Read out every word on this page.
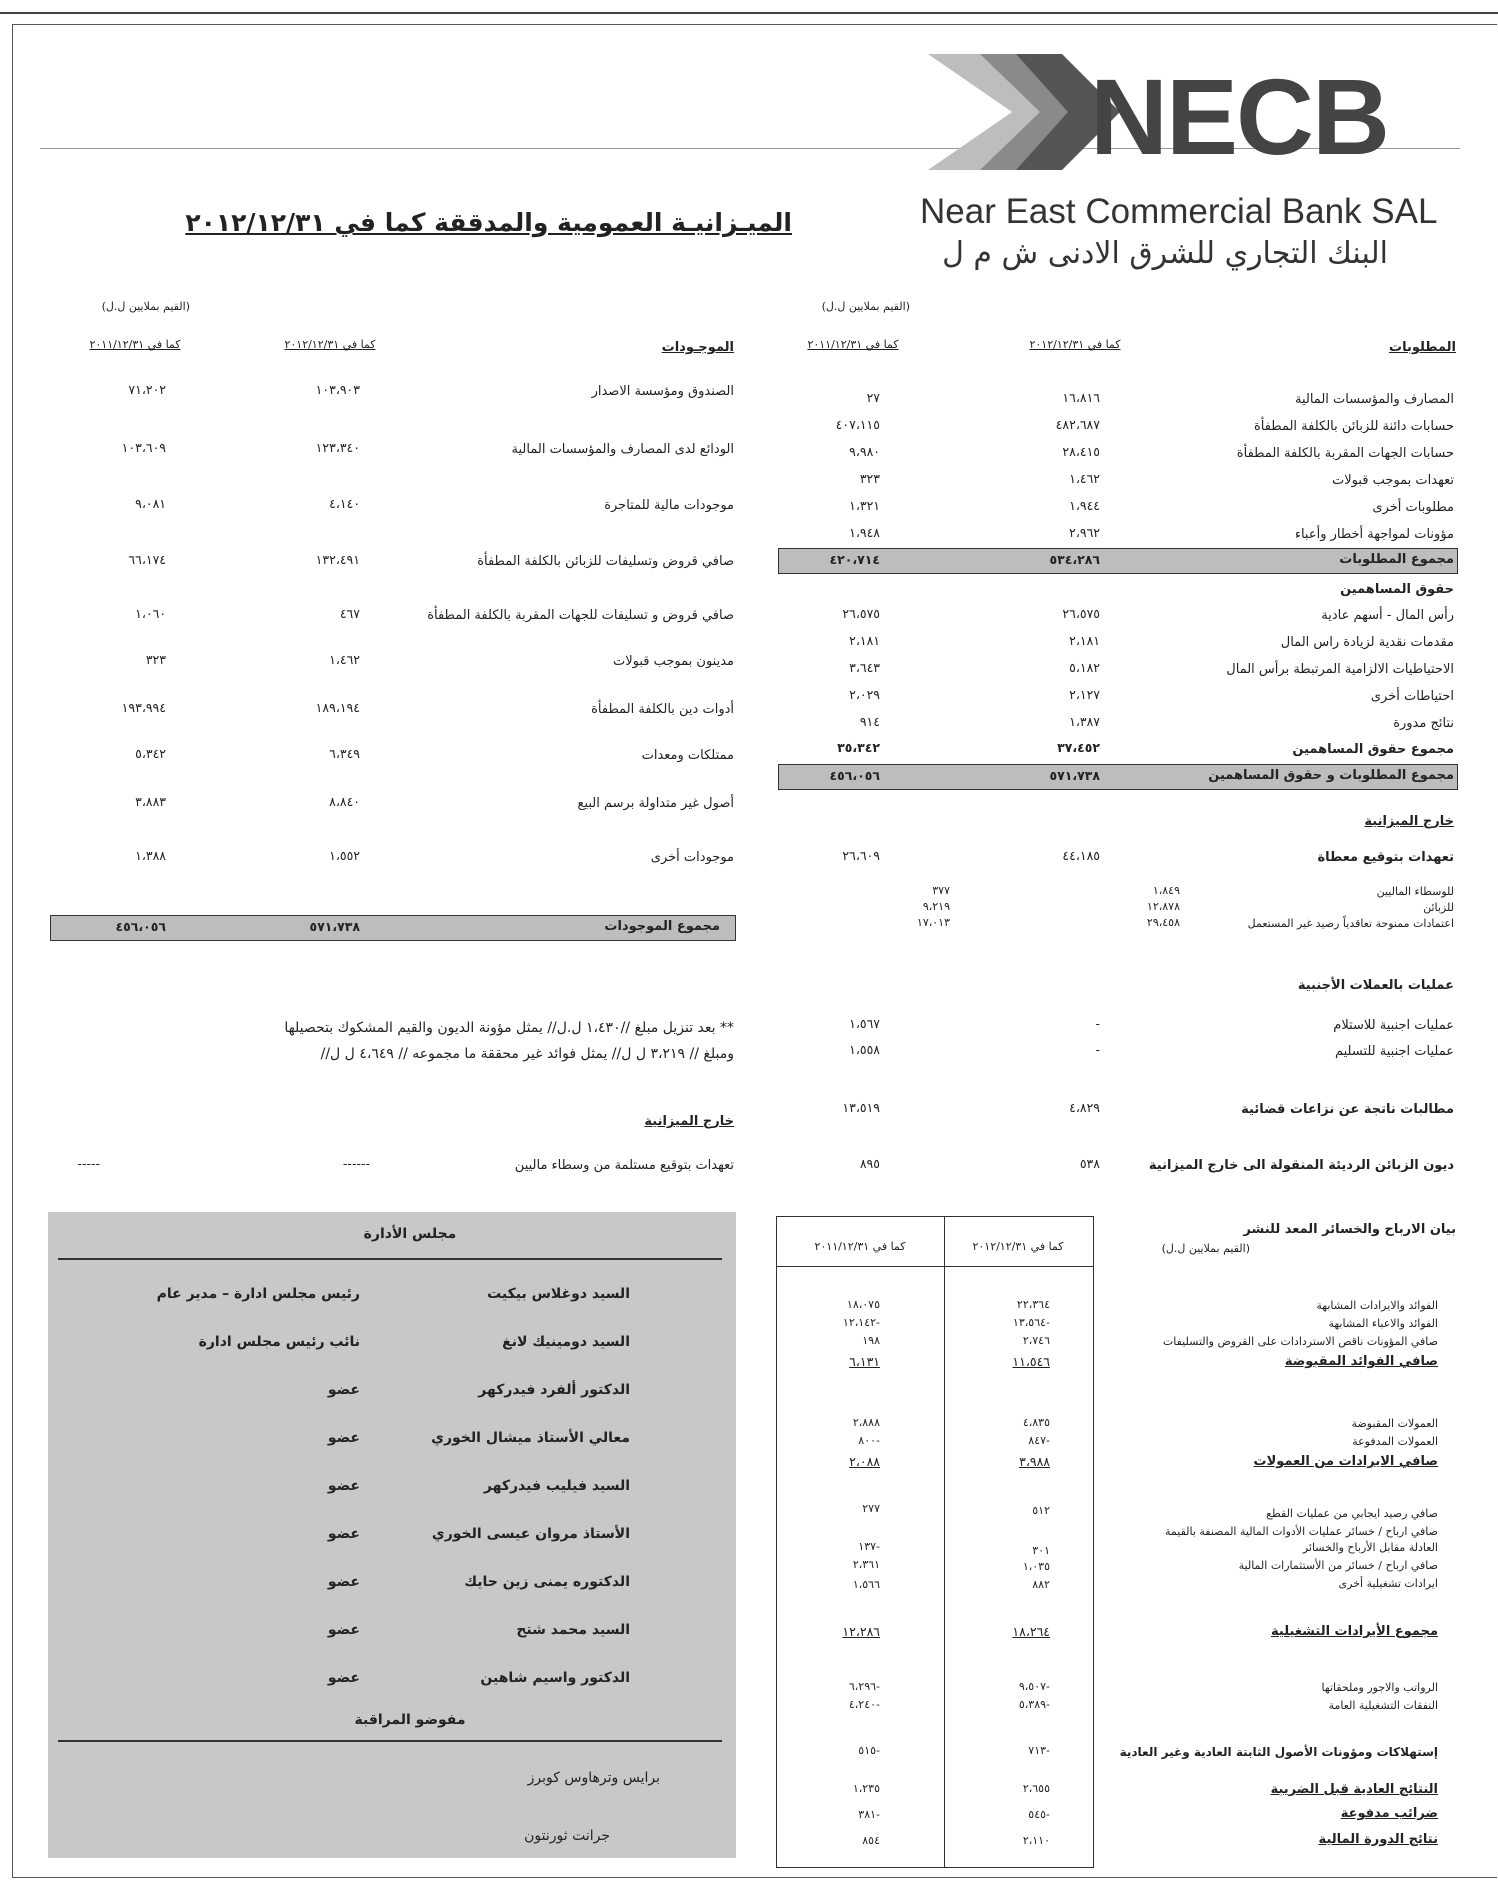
NECB
Near East Commercial Bank SAL
البنك التجاري للشرق الادنى ش م ل
الميـزانيـة العمومية والمدققة كما في ٢٠١٢/١٢/٣١
(القيم بملايين ل.ل)	(القيم بملايين ل.ل)
المطلوبات
كما في ٢٠١٢/١٢/٣١
كما في ٢٠١١/١٢/٣١
الموجـودات
كما في ٢٠١٢/١٢/٣١
كما في ٢٠١١/١٢/٣١
المصارف والمؤسسات المالية
١٦،٨١٦
٢٧
حسابات دائنة للزبائن بالكلفة المطفأة
٤٨٢،٦٨٧
٤٠٧،١١٥
حسابات الجهات المقربة بالكلفة المطفأة
٢٨،٤١٥
٩،٩٨٠
تعهدات بموجب قبولات
١،٤٦٢
٣٢٣
مطلوبات أخرى
١،٩٤٤
١،٣٢١
مؤونات لمواجهة أخطار وأعباء
٢،٩٦٢
١،٩٤٨
مجموع المطلوبات
٥٣٤،٢٨٦
٤٢٠،٧١٤
حقوق المساهمين
رأس المال - أسهم عادية
٢٦،٥٧٥
٢٦،٥٧٥
مقدمات نقدية لزيادة راس المال
٢،١٨١
٢،١٨١
الاحتياطيات الالزامية المرتبطة برأس المال
٥،١٨٢
٣،٦٤٣
احتياطات أخرى
٢،١٢٧
٢،٠٢٩
نتائج مدورة
١،٣٨٧
٩١٤
مجموع حقوق المساهمين
٣٧،٤٥٢
٣٥،٣٤٢
مجموع المطلوبات و حقوق المساهمين
٥٧١،٧٣٨
٤٥٦،٠٥٦
خارج الميزانية
تعهدات بتوقيع معطاة
٤٤،١٨٥
٢٦،٦٠٩
للوسطاء الماليين
١،٨٤٩
٣٧٧
للزبائن
١٢،٨٧٨
٩،٢١٩
اعتمادات ممنوحة تعاقدياً رصيد غير المستعمل
٢٩،٤٥٨
١٧،٠١٣
عمليات بالعملات الأجنبية
عمليات اجنبية للاستلام
-
١،٥٦٧
عمليات اجنبية للتسليم
-
١،٥٥٨
مطالبات ناتجة عن نزاعات قضائية
٤،٨٢٩
١٣،٥١٩
ديون الزبائن الرديئة المنقولة الى خارج الميزانية
٥٣٨
٨٩٥
الصندوق ومؤسسة الاصدار
١٠٣،٩٠٣
٧١،٢٠٢
الودائع لدى المصارف والمؤسسات المالية
١٢٣،٣٤٠
١٠٣،٦٠٩
موجودات مالية للمتاجرة
٤،١٤٠
٩،٠٨١
صافي قروض وتسليفات للزبائن بالكلفة المطفأة
١٣٢،٤٩١
٦٦،١٧٤
صافي قروض و تسليفات للجهات المقربة بالكلفة المطفأة
٤٦٧
١،٠٦٠
مدينون بموجب قبولات
١،٤٦٢
٣٢٣
أدوات دين بالكلفة المطفأة
١٨٩،١٩٤
١٩٣،٩٩٤
ممتلكات ومعدات
٦،٣٤٩
٥،٣٤٢
أصول غير متداولة برسم البيع
٨،٨٤٠
٣،٨٨٣
موجودات أخرى
١،٥٥٢
١،٣٨٨
مجموع الموجودات
٥٧١،٧٣٨
٤٥٦،٠٥٦
** بعد تنزيل مبلغ //١،٤٣٠ ل.ل// يمثل مؤونة الديون والقيم المشكوك بتحصيلها
ومبلغ // ٣،٢١٩ ل ل// يمثل فوائد غير محققة ما مجموعه // ٤،٦٤٩ ل ل//
خارج الميزانية
تعهدات بتوقيع مستلمة من وسطاء ماليين
------
-----
مجلس الأدارة
السيد دوغلاس بيكيت
رئيس مجلس ادارة – مدير عام
السيد دومينيك لانغ
نائب رئيس مجلس ادارة
الدكتور ألفرد فيدركهر
عضو
معالي الأستاذ ميشال الخوري
عضو
السيد فيليب فيدركهر
عضو
الأستاذ مروان عيسى الخوري
عضو
الدكتوره يمنى زين حايك
عضو
السيد محمد شتح
عضو
الدكتور واسيم شاهين
عضو
مفوضو المراقبة
برايس وترهاوس كوبرز
جرانت ثورنتون
بيان الارباح والخسائر المعد للنشر
(القيم بملايين ل.ل)
كما في ٢٠١٢/١٢/٣١
كما في ٢٠١١/١٢/٣١
الفوائد والايرادات المشابهة
٢٢،٣٦٤
١٨،٠٧٥
الفوائد والاعباء المشابهة
-١٣،٥٦٤
-١٢،١٤٢
صافي المؤونات ناقص الاستردادات على القروض والتسليفات
٢،٧٤٦
١٩٨
صافي الفوائد المقبوضة
١١،٥٤٦
٦،١٣١
العمولات المقبوضة
٤،٨٣٥
٢،٨٨٨
العمولات المدفوعة
-٨٤٧
-٨٠٠
صافي الايرادات من العمولات
٣،٩٨٨
٢،٠٨٨
صافي رصيد ايجابي من عمليات القطع
٥١٢
٢٧٧
صافي ارباح / خسائر عمليات الأدوات المالية المصنفة بالقيمة
العادلة مقابل الأرباح والخسائر
٣٠١
-١٣٧
صافي ارباح / خسائر من الأستثمارات المالية
١،٠٣٥
٢،٣٦١
ايرادات تشغيلية أخرى
٨٨٢
١،٥٦٦
مجموع الأيرادات التشغيلية
١٨،٢٦٤
١٢،٢٨٦
الرواتب والاجور وملحقاتها
-٩،٥٠٧
-٦،٢٩٦
النفقات التشغيلية العامة
-٥،٣٨٩
-٤،٢٤٠
إستهلاكات ومؤونات الأصول الثابتة العادية وغير العادية
-٧١٣
-٥١٥
النتائج العادية قبل الضريبة
٢،٦٥٥
١،٢٣٥
ضرائب مدفوعة
-٥٤٥
-٣٨١
نتائج الدورة المالية
٢،١١٠
٨٥٤
